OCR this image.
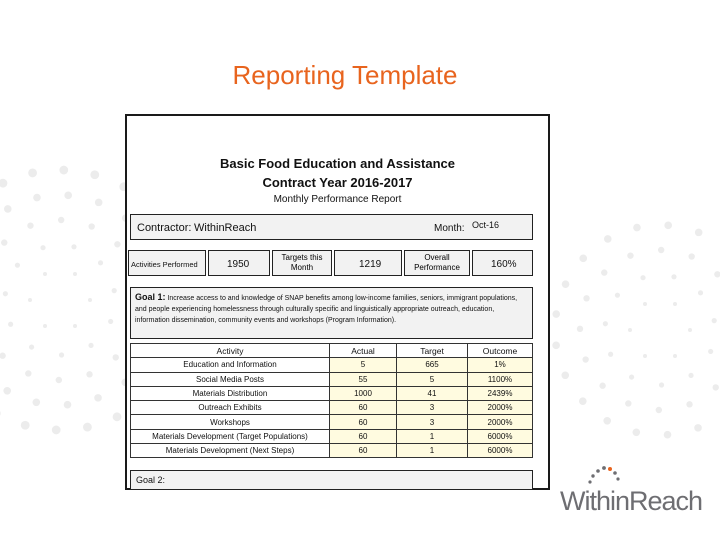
Reporting Template
Basic Food Education and Assistance
Contract Year 2016-2017
Monthly Performance Report
Contractor: WithinReach	Month: Oct-16
Activities Performed	1950
Targets this
Month	1219
Overall
Performance	160%
Goal 1: Increase access to and knowledge of SNAP benefits among low-income families, seniors, immigrant populations, and people experiencing homelessness through culturally specific and linguistically appropriate outreach, education, information dissemination, community events and workshops (Program Information).
Activity	Actual	Target	Outcome
Education and Information	5	665	1%
Social Media Posts	55	5	1100%
Materials Distribution	1000	41	2439%
Outreach Exhibits	60	3	2000%
Workshops	60	3	2000%
Materials Development (Target Populations)	60	1	6000%
Materials Development (Next Steps)	60	1	6000%
Goal 2:
WithinReach
